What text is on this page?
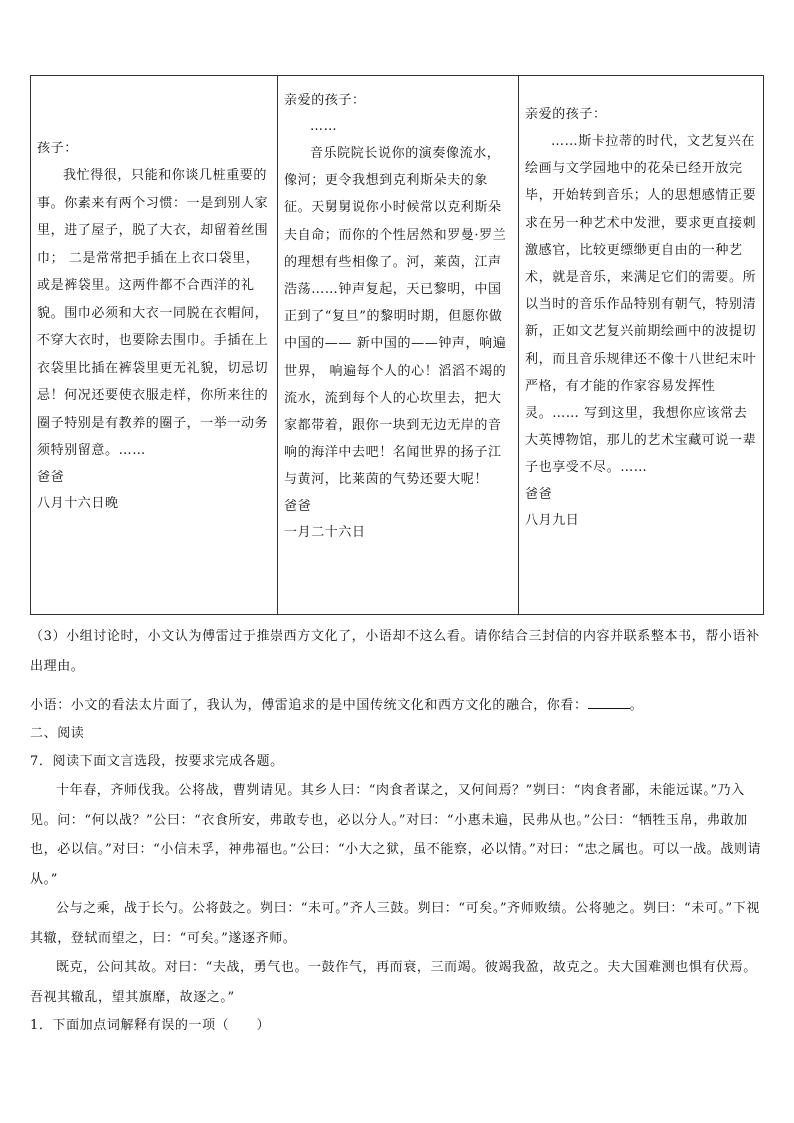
孩子：

我忙得很，只能和你谈几桩重要的事。你素来有两个习惯：一是到别人家里，进了屋子，脱了大衣，却留着丝围巾； 二是常常把手插在上衣口袋里，或是裤袋里。这两件都不合西洋的礼貌。围巾必须和大衣一同脱在衣帽间，不穿大衣时，也要除去围巾。手插在上衣袋里比插在裤袋里更无礼貌，切忌切忌！何况还要使衣服走样，你所来往的圈子特别是有教养的圈子，一举一动务须特别留意。……

爸爸

八月十六日晚

亲爱的孩子：

……

音乐院院长说你的演奏像流水，像河；更令我想到克利斯朵夫的象征。天舅舅说你小时候常以克利斯朵夫自命；而你的个性居然和罗曼·罗兰的理想有些相像了。河，莱茵，江声浩荡……钟声复起，天已黎明，中国正到了“复旦”的黎明时期，但愿你做中国的—— 新中国的——钟声，响遍世界， 响遍每个人的心！滔滔不竭的流水，流到每个人的心坎里去，把大家都带着，跟你一块到无边无岸的音响的海洋中去吧！名闻世界的扬子江与黄河，比莱茵的气势还要大呢！

爸爸

一月二十六日

亲爱的孩子：

……斯卡拉蒂的时代，文艺复兴在绘画与文学园地中的花朵已经开放完毕，开始转到音乐；人的思想感情正要求在另一种艺术中发泄，要求更直接刺激感官，比较更缥缈更自由的一种艺术，就是音乐，来满足它们的需要。所以当时的音乐作品特别有朝气，特别清新，正如文艺复兴前期绘画中的波提切利，而且音乐规律还不像十八世纪末叶严格，有才能的作家容易发挥性灵。…… 写到这里，我想你应该常去大英博物馆，那儿的艺术宝藏可说一辈子也享受不尽。……

爸爸

八月九日

（3）小组讨论时，小文认为傅雷过于推崇西方文化了，小语却不这么看。请你结合三封信的内容并联系整本书，帮小语补出理由。

小语：小文的看法太片面了，我认为，傅雷追求的是中国传统文化和西方文化的融合，你看：	。

二、阅读

7．阅读下面文言选段，按要求完成各题。

十年春，齐师伐我。公将战，曹刿请见。其乡人曰：“肉食者谋之，又何间焉？”刿曰：“肉食者鄙，未能远谋。”乃入见。问：“何以战？”公曰：“衣食所安，弗敢专也，必以分人。”对曰：“小惠未遍，民弗从也。”公曰：“牺牲玉帛，弗敢加也，必以信。”对曰：“小信未孚，神弗福也。”公曰：“小大之狱，虽不能察，必以情。”对曰：“忠之属也。可以一战。战则请从。”

公与之乘，战于长勺。公将鼓之。刿曰：“未可。”齐人三鼓。刿曰：“可矣。”齐师败绩。公将驰之。刿曰：“未可。”下视其辙，登轼而望之，曰：“可矣。”遂逐齐师。

既克，公问其故。对曰：“夫战，勇气也。一鼓作气，再而衰，三而竭。彼竭我盈，故克之。夫大国难测也惧有伏焉。吾视其辙乱，望其旗靡，故逐之。”

1．下面加点词解释有误的一项（　　）
